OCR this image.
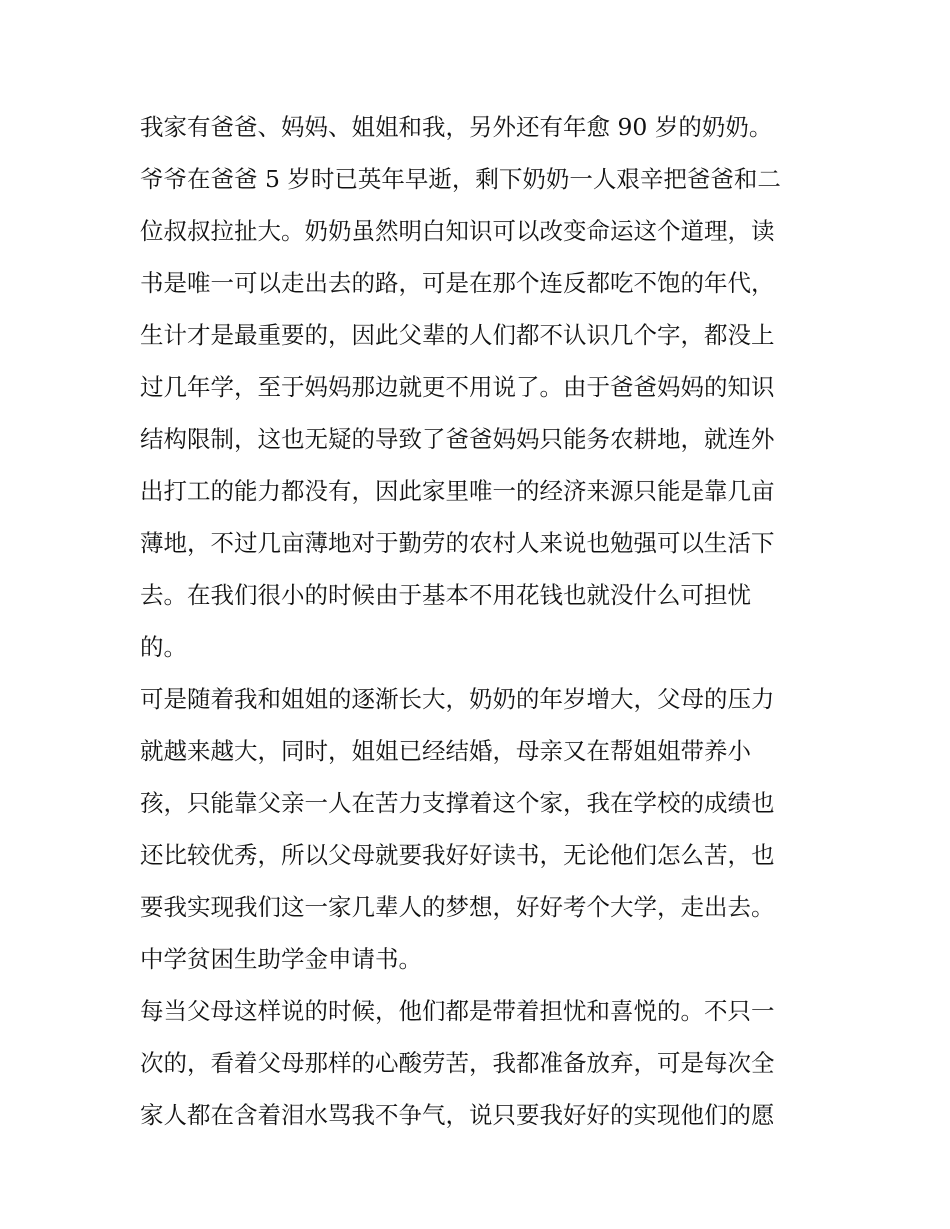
我家有爸爸、妈妈、姐姐和我，另外还有年愈 90 岁的奶奶。
爷爷在爸爸 5 岁时已英年早逝，剩下奶奶一人艰辛把爸爸和二
位叔叔拉扯大。奶奶虽然明白知识可以改变命运这个道理，读
书是唯一可以走出去的路，可是在那个连反都吃不饱的年代，
生计才是最重要的，因此父辈的人们都不认识几个字，都没上
过几年学，至于妈妈那边就更不用说了。由于爸爸妈妈的知识
结构限制，这也无疑的导致了爸爸妈妈只能务农耕地，就连外
出打工的能力都没有，因此家里唯一的经济来源只能是靠几亩
薄地，不过几亩薄地对于勤劳的农村人来说也勉强可以生活下
去。在我们很小的时候由于基本不用花钱也就没什么可担忧
的。
可是随着我和姐姐的逐渐长大，奶奶的年岁增大，父母的压力
就越来越大，同时，姐姐已经结婚，母亲又在帮姐姐带养小
孩，只能靠父亲一人在苦力支撑着这个家，我在学校的成绩也
还比较优秀，所以父母就要我好好读书，无论他们怎么苦，也
要我实现我们这一家几辈人的梦想，好好考个大学，走出去。
中学贫困生助学金申请书。
每当父母这样说的时候，他们都是带着担忧和喜悦的。不只一
次的，看着父母那样的心酸劳苦，我都准备放弃，可是每次全
家人都在含着泪水骂我不争气，说只要我好好的实现他们的愿
